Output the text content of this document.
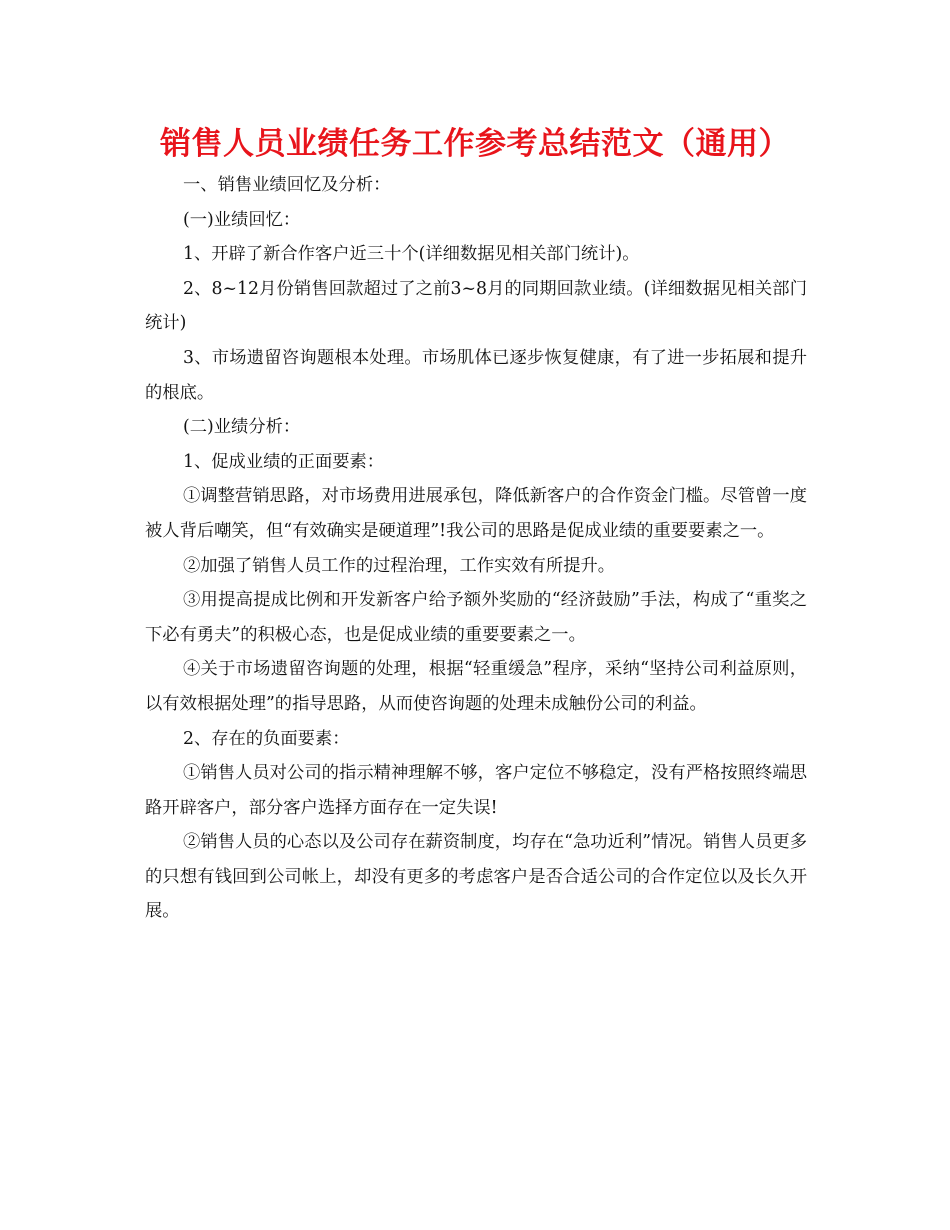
销售人员业绩任务工作参考总结范文（通用）

一、销售业绩回忆及分析：

(一)业绩回忆：

1、开辟了新合作客户近三十个(详细数据见相关部门统计)。

2、8~12月份销售回款超过了之前3~8月的同期回款业绩。(详细数据见相关部门统计)

3、市场遗留咨询题根本处理。市场肌体已逐步恢复健康，有了进一步拓展和提升的根底。

(二)业绩分析：

1、促成业绩的正面要素：

①调整营销思路，对市场费用进展承包，降低新客户的合作资金门槛。尽管曾一度被人背后嘲笑，但“有效确实是硬道理”!我公司的思路是促成业绩的重要要素之一。

②加强了销售人员工作的过程治理，工作实效有所提升。

③用提高提成比例和开发新客户给予额外奖励的“经济鼓励”手法，构成了“重奖之下必有勇夫”的积极心态，也是促成业绩的重要要素之一。

④关于市场遗留咨询题的处理，根据“轻重缓急”程序，采纳“坚持公司利益原则，以有效根据处理”的指导思路，从而使咨询题的处理未成触份公司的利益。

2、存在的负面要素：

①销售人员对公司的指示精神理解不够，客户定位不够稳定，没有严格按照终端思路开辟客户，部分客户选择方面存在一定失误!

②销售人员的心态以及公司存在薪资制度，均存在“急功近利”情况。销售人员更多的只想有钱回到公司帐上，却没有更多的考虑客户是否合适公司的合作定位以及长久开展。
